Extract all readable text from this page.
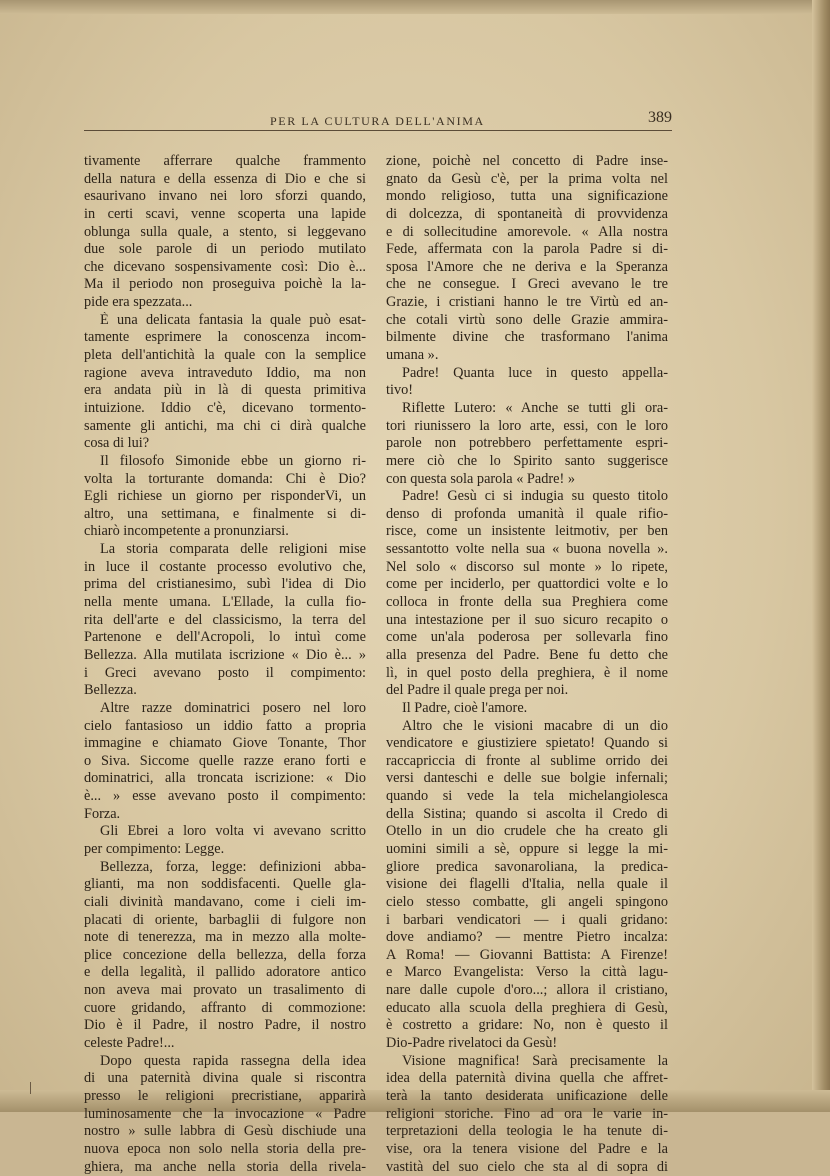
PER LA CULTURA DELL'ANIMA	389
tivamente afferrare qualche frammento
della natura e della essenza di Dio e che si
esaurivano invano nei loro sforzi quando,
in certi scavi, venne scoperta una lapide
oblunga sulla quale, a stento, si leggevano
due sole parole di un periodo mutilato
che dicevano sospensivamente così: Dio è...
Ma il periodo non proseguiva poichè la la-
pide era spezzata...
È una delicata fantasia la quale può esat-
tamente esprimere la conoscenza incom-
pleta dell'antichità la quale con la semplice
ragione aveva intraveduto Iddio, ma non
era andata più in là di questa primitiva
intuizione. Iddio c'è, dicevano tormento-
samente gli antichi, ma chi ci dirà qualche
cosa di lui?
Il filosofo Simonide ebbe un giorno ri-
volta la torturante domanda: Chi è Dio?
Egli richiese un giorno per risponderVi, un
altro, una settimana, e finalmente si di-
chiarò incompetente a pronunziarsi.
La storia comparata delle religioni mise
in luce il costante processo evolutivo che,
prima del cristianesimo, subì l'idea di Dio
nella mente umana. L'Ellade, la culla fio-
rita dell'arte e del classicismo, la terra del
Partenone e dell'Acropoli, lo intuì come
Bellezza. Alla mutilata iscrizione « Dio è... »
i Greci avevano posto il compimento:
Bellezza.
Altre razze dominatrici posero nel loro
cielo fantasioso un iddio fatto a propria
immagine e chiamato Giove Tonante, Thor
o Siva. Siccome quelle razze erano forti e
dominatrici, alla troncata iscrizione: « Dio
è... » esse avevano posto il compimento:
Forza.
Gli Ebrei a loro volta vi avevano scritto
per compimento: Legge.
Bellezza, forza, legge: definizioni abba-
glianti, ma non soddisfacenti. Quelle gla-
ciali divinità mandavano, come i cieli im-
placati di oriente, barbaglii di fulgore non
note di tenerezza, ma in mezzo alla molte-
plice concezione della bellezza, della forza
e della legalità, il pallido adoratore antico
non aveva mai provato un trasalimento di
cuore gridando, affranto di commozione:
Dio è il Padre, il nostro Padre, il nostro
celeste Padre!...
Dopo questa rapida rassegna della idea
di una paternità divina quale si riscontra
presso le religioni precristiane, apparirà
luminosamente che la invocazione « Padre
nostro » sulle labbra di Gesù dischiude una
nuova epoca non solo nella storia della pre-
ghiera, ma anche nella storia della rivela-
zione, poichè nel concetto di Padre inse-
gnato da Gesù c'è, per la prima volta nel
mondo religioso, tutta una significazione
di dolcezza, di spontaneità di provvidenza
e di sollecitudine amorevole. « Alla nostra
Fede, affermata con la parola Padre si di-
sposa l'Amore che ne deriva e la Speranza
che ne consegue. I Greci avevano le tre
Grazie, i cristiani hanno le tre Virtù ed an-
che cotali virtù sono delle Grazie ammira-
bilmente divine che trasformano l'anima
umana ».
Padre! Quanta luce in questo appella-
tivo!
Riflette Lutero: « Anche se tutti gli ora-
tori riunissero la loro arte, essi, con le loro
parole non potrebbero perfettamente espri-
mere ciò che lo Spirito santo suggerisce
con questa sola parola « Padre! »
Padre! Gesù ci si indugia su questo titolo
denso di profonda umanità il quale rifio-
risce, come un insistente leitmotiv, per ben
sessantotto volte nella sua « buona novella ».
Nel solo « discorso sul monte » lo ripete,
come per inciderlo, per quattordici volte e lo
colloca in fronte della sua Preghiera come
una intestazione per il suo sicuro recapito o
come un'ala poderosa per sollevarla fino
alla presenza del Padre. Bene fu detto che
lì, in quel posto della preghiera, è il nome
del Padre il quale prega per noi.
Il Padre, cioè l'amore.
Altro che le visioni macabre di un dio
vendicatore e giustiziere spietato! Quando si
raccapriccia di fronte al sublime orrido dei
versi danteschi e delle sue bolgie infernali;
quando si vede la tela michelangiolesca
della Sistina; quando si ascolta il Credo di
Otello in un dio crudele che ha creato gli
uomini simili a sè, oppure si legge la mi-
gliore predica savonaroliana, la predica-
visione dei flagelli d'Italia, nella quale il
cielo stesso combatte, gli angeli spingono
i barbari vendicatori — i quali gridano:
dove andiamo? — mentre Pietro incalza:
A Roma! — Giovanni Battista: A Firenze!
e Marco Evangelista: Verso la città lagu-
nare dalle cupole d'oro...; allora il cristiano,
educato alla scuola della preghiera di Gesù,
è costretto a gridare: No, non è questo il
Dio-Padre rivelatoci da Gesù!
Visione magnifica! Sarà precisamente la
idea della paternità divina quella che affret-
terà la tanto desiderata unificazione delle
religioni storiche. Fino ad ora le varie in-
terpretazioni della teologia le ha tenute di-
vise, ora la tenera visione del Padre e la
vastità del suo cielo che sta al di sopra di
